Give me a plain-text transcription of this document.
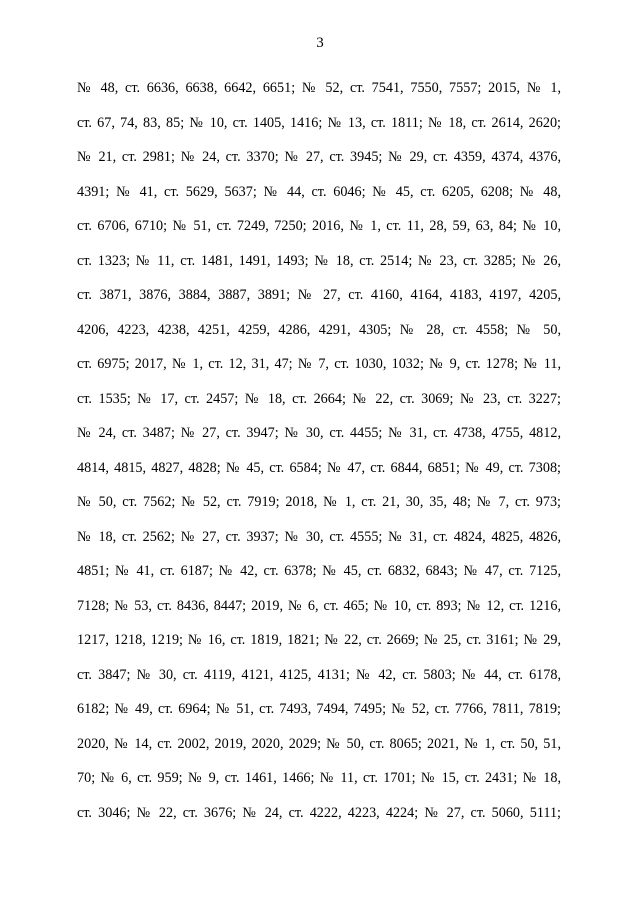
3
№ 48, ст. 6636, 6638, 6642, 6651; № 52, ст. 7541, 7550, 7557; 2015, № 1,
ст. 67, 74, 83, 85; № 10, ст. 1405, 1416; № 13, ст. 1811; № 18, ст. 2614, 2620;
№ 21, ст. 2981; № 24, ст. 3370; № 27, ст. 3945; № 29, ст. 4359, 4374, 4376,
4391; № 41, ст. 5629, 5637; № 44, ст. 6046; № 45, ст. 6205, 6208; № 48,
ст. 6706, 6710; № 51, ст. 7249, 7250; 2016, № 1, ст. 11, 28, 59, 63, 84; № 10,
ст. 1323; № 11, ст. 1481, 1491, 1493; № 18, ст. 2514; № 23, ст. 3285; № 26,
ст. 3871, 3876, 3884, 3887, 3891; № 27, ст. 4160, 4164, 4183, 4197, 4205,
4206, 4223, 4238, 4251, 4259, 4286, 4291, 4305; № 28, ст. 4558; № 50,
ст. 6975; 2017, № 1, ст. 12, 31, 47; № 7, ст. 1030, 1032; № 9, ст. 1278; № 11,
ст. 1535; № 17, ст. 2457; № 18, ст. 2664; № 22, ст. 3069; № 23, ст. 3227;
№ 24, ст. 3487; № 27, ст. 3947; № 30, ст. 4455; № 31, ст. 4738, 4755, 4812,
4814, 4815, 4827, 4828; № 45, ст. 6584; № 47, ст. 6844, 6851; № 49, ст. 7308;
№ 50, ст. 7562; № 52, ст. 7919; 2018, № 1, ст. 21, 30, 35, 48; № 7, ст. 973;
№ 18, ст. 2562; № 27, ст. 3937; № 30, ст. 4555; № 31, ст. 4824, 4825, 4826,
4851; № 41, ст. 6187; № 42, ст. 6378; № 45, ст. 6832, 6843; № 47, ст. 7125,
7128; № 53, ст. 8436, 8447; 2019, № 6, ст. 465; № 10, ст. 893; № 12, ст. 1216,
1217, 1218, 1219; № 16, ст. 1819, 1821; № 22, ст. 2669; № 25, ст. 3161; № 29,
ст. 3847; № 30, ст. 4119, 4121, 4125, 4131; № 42, ст. 5803; № 44, ст. 6178,
6182; № 49, ст. 6964; № 51, ст. 7493, 7494, 7495; № 52, ст. 7766, 7811, 7819;
2020, № 14, ст. 2002, 2019, 2020, 2029; № 50, ст. 8065; 2021, № 1, ст. 50, 51,
70; № 6, ст. 959; № 9, ст. 1461, 1466; № 11, ст. 1701; № 15, ст. 2431; № 18,
ст. 3046; № 22, ст. 3676; № 24, ст. 4222, 4223, 4224; № 27, ст. 5060, 5111;
